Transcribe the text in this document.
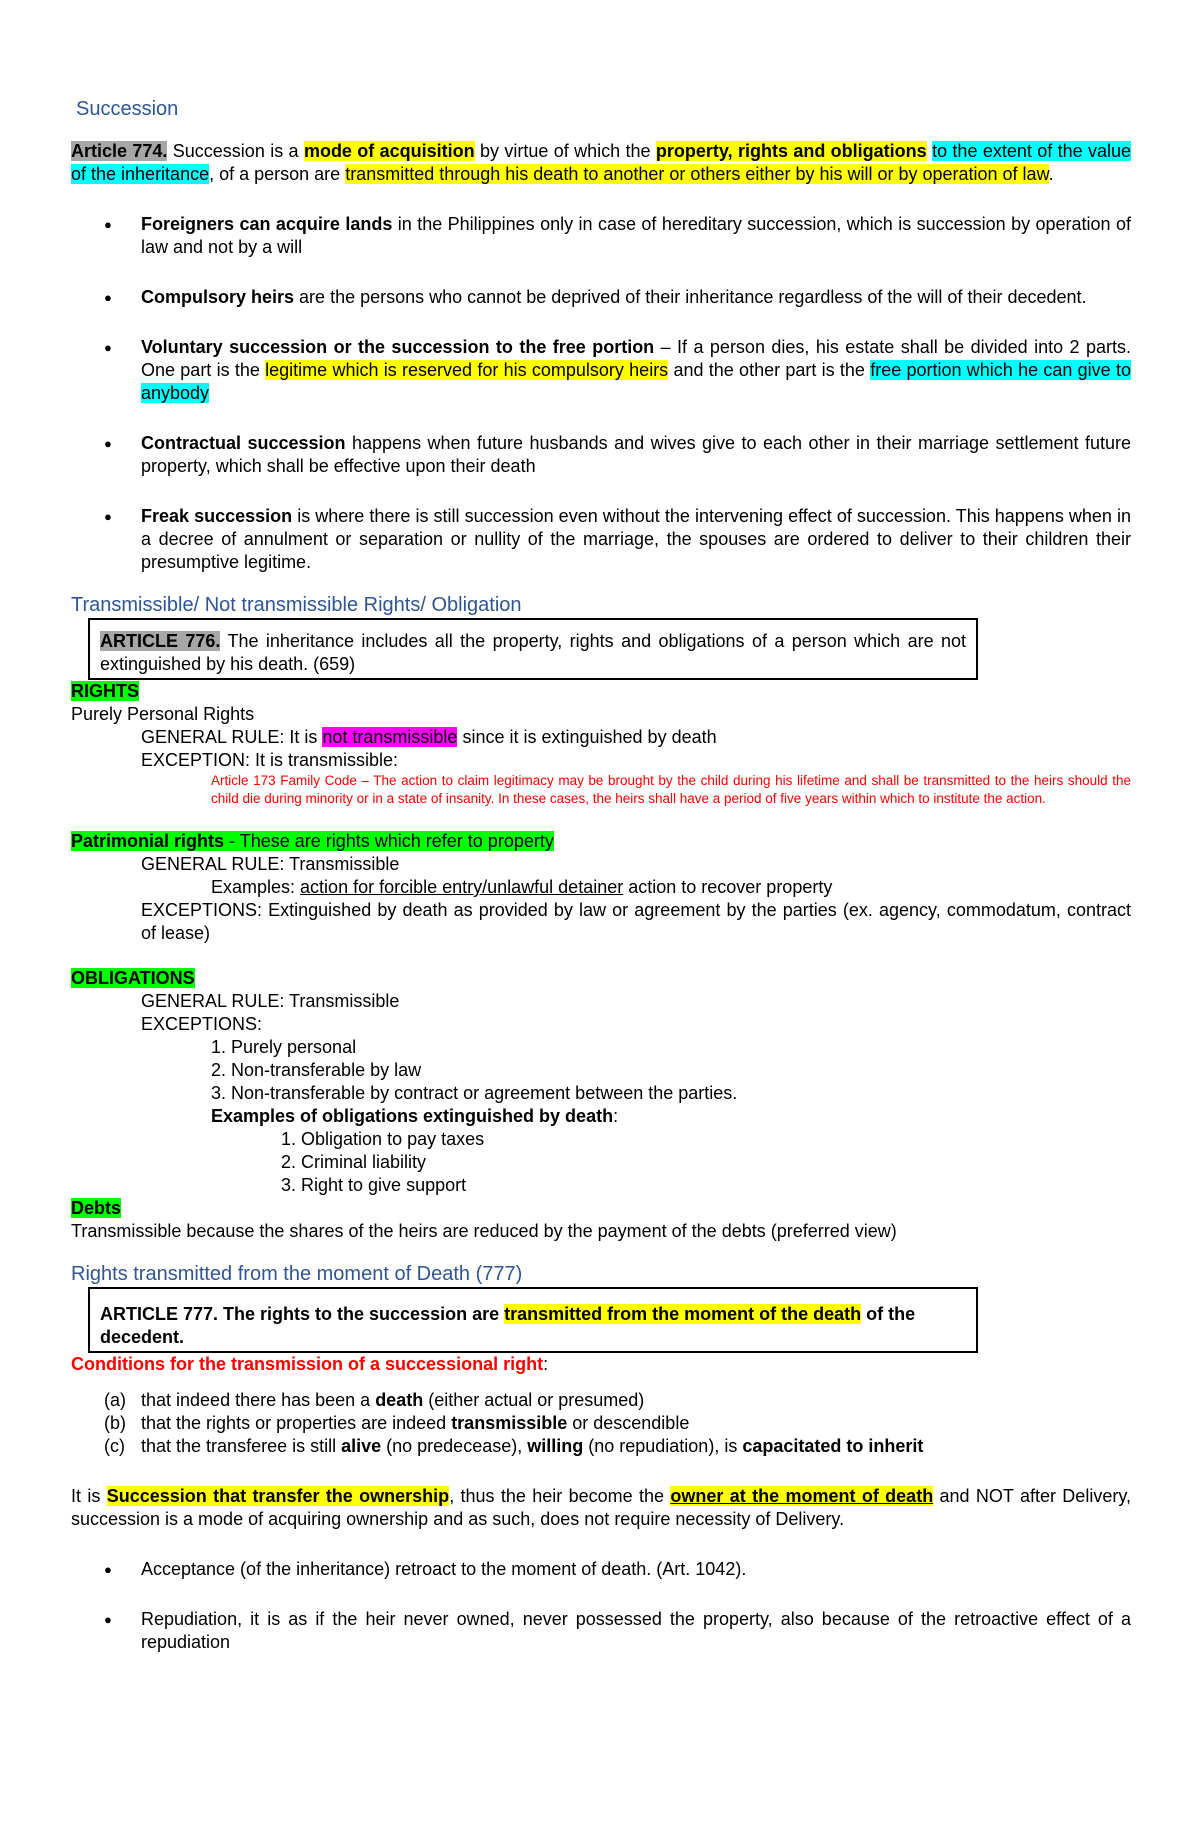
Succession
Article 774. Succession is a mode of acquisition by virtue of which the property, rights and obligations to the extent of the value of the inheritance, of a person are transmitted through his death to another or others either by his will or by operation of law.
● Foreigners can acquire lands in the Philippines only in case of hereditary succession, which is succession by operation of law and not by a will
● Compulsory heirs are the persons who cannot be deprived of their inheritance regardless of the will of their decedent.
● Voluntary succession or the succession to the free portion – If a person dies, his estate shall be divided into 2 parts. One part is the legitime which is reserved for his compulsory heirs and the other part is the free portion which he can give to anybody
● Contractual succession happens when future husbands and wives give to each other in their marriage settlement future property, which shall be effective upon their death
● Freak succession is where there is still succession even without the intervening effect of succession. This happens when in a decree of annulment or separation or nullity of the marriage, the spouses are ordered to deliver to their children their presumptive legitime.
Transmissible/ Not transmissible Rights/ Obligation
ARTICLE 776. The inheritance includes all the property, rights and obligations of a person which are not extinguished by his death. (659)
RIGHTS
Purely Personal Rights
GENERAL RULE: It is not transmissible since it is extinguished by death
EXCEPTION: It is transmissible:
Article 173 Family Code – The action to claim legitimacy may be brought by the child during his lifetime and shall be transmitted to the heirs should the child die during minority or in a state of insanity. In these cases, the heirs shall have a period of five years within which to institute the action.
Patrimonial rights - These are rights which refer to property
GENERAL RULE: Transmissible
Examples: action for forcible entry/unlawful detainer action to recover property
EXCEPTIONS: Extinguished by death as provided by law or agreement by the parties (ex. agency, commodatum, contract of lease)
OBLIGATIONS
GENERAL RULE: Transmissible
EXCEPTIONS:
1. Purely personal
2. Non-transferable by law
3. Non-transferable by contract or agreement between the parties.
Examples of obligations extinguished by death:
1. Obligation to pay taxes
2. Criminal liability
3. Right to give support
Debts
Transmissible because the shares of the heirs are reduced by the payment of the debts (preferred view)
Rights transmitted from the moment of Death (777)
ARTICLE 777. The rights to the succession are transmitted from the moment of the death of the decedent.
Conditions for the transmission of a successional right:
(a) that indeed there has been a death (either actual or presumed)
(b) that the rights or properties are indeed transmissible or descendible
(c) that the transferee is still alive (no predecease), willing (no repudiation), is capacitated to inherit
It is Succession that transfer the ownership, thus the heir become the owner at the moment of death and NOT after Delivery, succession is a mode of acquiring ownership and as such, does not require necessity of Delivery.
● Acceptance (of the inheritance) retroact to the moment of death. (Art. 1042).
● Repudiation, it is as if the heir never owned, never possessed the property, also because of the retroactive effect of a repudiation
